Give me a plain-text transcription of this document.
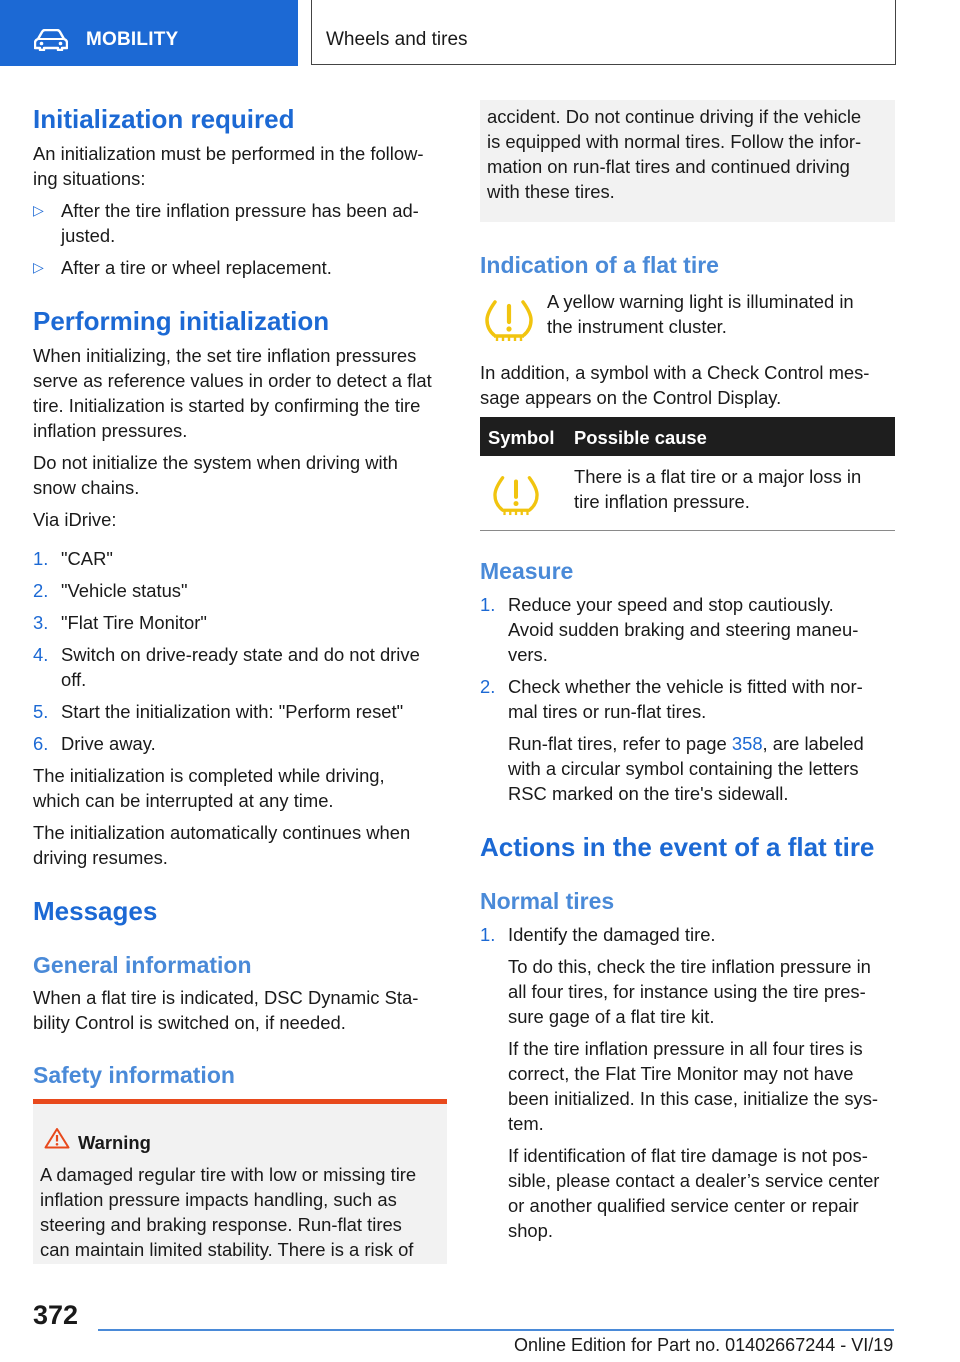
MOBILITY	Wheels and tires
Initialization required

An initialization must be performed in the follow-

ing situations:

▷ After the tire inflation pressure has been ad-
justed.
▷ After a tire or wheel replacement.
Performing initialization

When initializing, the set tire inflation pressures

serve as reference values in order to detect a flat

tire. Initialization is started by confirming the tire

inflation pressures.

Do not initialize the system when driving with

snow chains.

Via iDrive:

1. "CAR"
2. "Vehicle status"
3. "Flat Tire Monitor"
4. Switch on drive-ready state and do not drive
off.
5. Start the initialization with: "Perform reset"
6. Drive away.

The initialization is completed while driving,

which can be interrupted at any time.

The initialization automatically continues when

driving resumes.

Messages
General information

When a flat tire is indicated, DSC Dynamic Sta-

bility Control is switched on, if needed.

Safety information
Warning

A damaged regular tire with low or missing tire

inflation pressure impacts handling, such as

steering and braking response. Run-flat tires

can maintain limited stability. There is a risk of

accident. Do not continue driving if the vehicle

is equipped with normal tires. Follow the infor-

mation on run-flat tires and continued driving

with these tires.

Indication of a flat tire

A yellow warning light is illuminated in

the instrument cluster.

In addition, a symbol with a Check Control mes-

sage appears on the Control Display.

Symbol Possible cause

There is a flat tire or a major loss in

tire inflation pressure.

Measure
1. Reduce your speed and stop cautiously.
Avoid sudden braking and steering maneu-
vers.
2. Check whether the vehicle is fitted with nor-
mal tires or run-flat tires.
Run-flat tires, refer to page 358, are labeled
with a circular symbol containing the letters
RSC marked on the tire's sidewall.
Actions in the event of a flat tire
Normal tires
1. Identify the damaged tire.
To do this, check the tire inflation pressure in
all four tires, for instance using the tire pres-
sure gage of a flat tire kit.
If the tire inflation pressure in all four tires is
correct, the Flat Tire Monitor may not have
been initialized. In this case, initialize the sys-
tem.
If identification of flat tire damage is not pos-
sible, please contact a dealer’s service center
or another qualified service center or repair
shop.
372
Online Edition for Part no. 01402667244 - VI/19
